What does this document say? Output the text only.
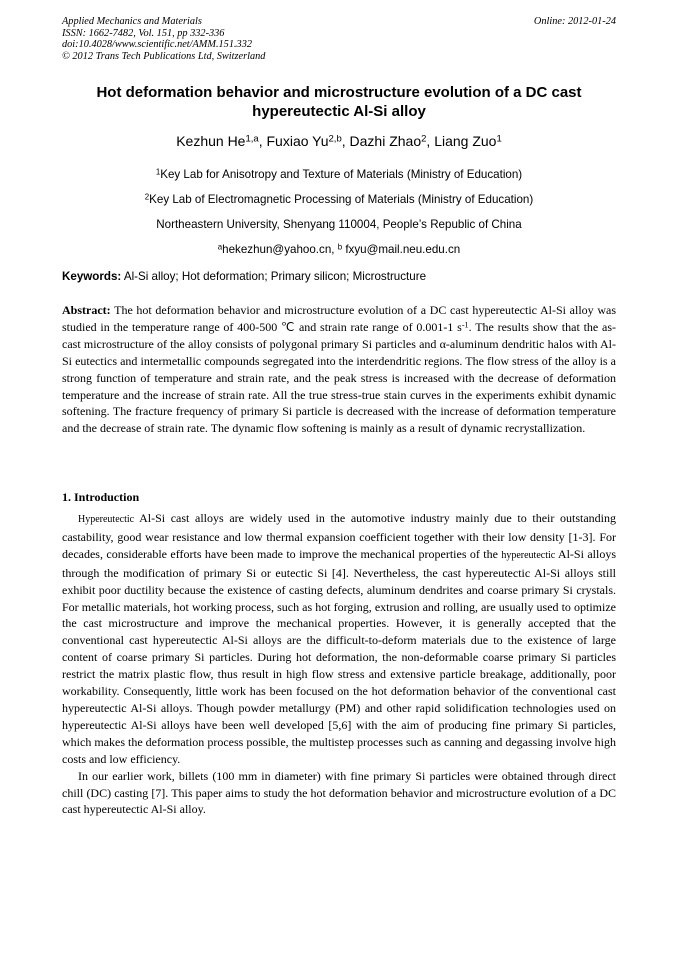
Applied Mechanics and Materials
ISSN: 1662-7482, Vol. 151, pp 332-336
doi:10.4028/www.scientific.net/AMM.151.332
© 2012 Trans Tech Publications Ltd, Switzerland
Online: 2012-01-24
Hot deformation behavior and microstructure evolution of a DC cast
hypereutectic Al-Si alloy
Kezhun He$^{1,a}$, Fuxiao Yu$^{2,b}$, Dazhi Zhao$^2$, Liang Zuo$^1$
$^1$Key Lab for Anisotropy and Texture of Materials (Ministry of Education)
$^2$Key Lab of Electromagnetic Processing of Materials (Ministry of Education)
Northeastern University, Shenyang 110004, People’s Republic of China
$^a$hekezhun@yahoo.cn, $^b$ fxyu@mail.neu.edu.cn
Keywords: Al-Si alloy; Hot deformation; Primary silicon; Microstructure
Abstract: The hot deformation behavior and microstructure evolution of a DC cast hypereutectic Al-Si alloy was studied in the temperature range of 400-500 ℃ and strain rate range of 0.001-1 $s^{-1}$. The results show that the as-cast microstructure of the alloy consists of polygonal primary Si particles and α-aluminum dendritic halos with Al-Si eutectics and intermetallic compounds segregated into the interdendritic regions. The flow stress of the alloy is a strong function of temperature and strain rate, and the peak stress is increased with the decrease of deformation temperature and the increase of strain rate. All the true stress-true stain curves in the experiments exhibit dynamic softening. The fracture frequency of primary Si particle is decreased with the increase of deformation temperature and the decrease of strain rate. The dynamic flow softening is mainly as a result of dynamic recrystallization.
1. Introduction

Hypereutectic Al-Si cast alloys are widely used in the automotive industry mainly due to their outstanding castability, good wear resistance and low thermal expansion coefficient together with their low density [1-3]. For decades, considerable efforts have been made to improve the mechanical properties of the hypereutectic Al-Si alloys through the modification of primary Si or eutectic Si [4]. Nevertheless, the cast hypereutectic Al-Si alloys still exhibit poor ductility because the existence of casting defects, aluminum dendrites and coarse primary Si crystals. For metallic materials, hot working process, such as hot forging, extrusion and rolling, are usually used to optimize the cast microstructure and improve the mechanical properties. However, it is generally accepted that the conventional cast hypereutectic Al-Si alloys are the difficult-to-deform materials due to the existence of large content of coarse primary Si particles. During hot deformation, the non-deformable coarse primary Si particles restrict the matrix plastic flow, thus result in high flow stress and extensive particle breakage, additionally, poor workability. Consequently, little work has been focused on the hot deformation behavior of the conventional cast hypereutectic Al-Si alloys. Though powder metallurgy (PM) and other rapid solidification technologies used on hypereutectic Al-Si alloys have been well developed [5,6] with the aim of producing fine primary Si particles, which makes the deformation process possible, the multistep processes such as canning and degassing involve high costs and low efficiency.

In our earlier work, billets (100 mm in diameter) with fine primary Si particles were obtained through direct chill (DC) casting [7]. This paper aims to study the hot deformation behavior and microstructure evolution of a DC cast hypereutectic Al-Si alloy.
